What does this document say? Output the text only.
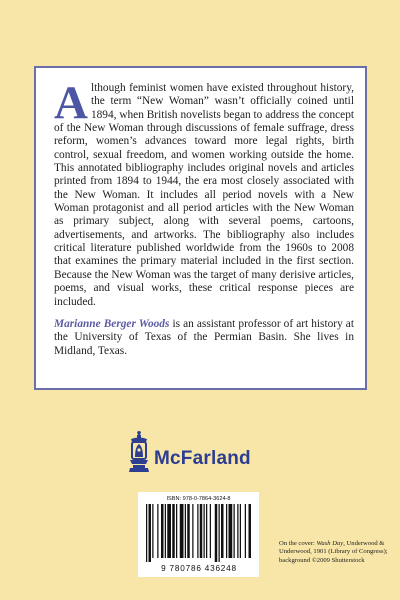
Although feminist women have existed throughout history, the term “New Woman” wasn’t officially coined until 1894, when British novelists began to address the concept of the New Woman through discussions of female suffrage, dress reform, women’s advances toward more legal rights, birth control, sexual freedom, and women working outside the home. This annotated bibliography includes original novels and articles printed from 1894 to 1944, the era most closely associated with the New Woman. It includes all period novels with a New Woman protagonist and all period articles with the New Woman as primary subject, along with several poems, cartoons, advertisements, and artworks. The bibliography also includes critical literature published worldwide from the 1960s to 2008 that examines the primary material included in the first section. Because the New Woman was the target of many derisive articles, poems, and visual works, these critical response pieces are included.

Marianne Berger Woods is an assistant professor of art history at the University of Texas of the Permian Basin. She lives in Midland, Texas.

McFarland
ISBN: 978-0-7864-3624-8
9 780786 436248
On the cover: Wash Day, Underwood & Underwood, 1901 (Library of Congress); background ©2009 Shutterstock
